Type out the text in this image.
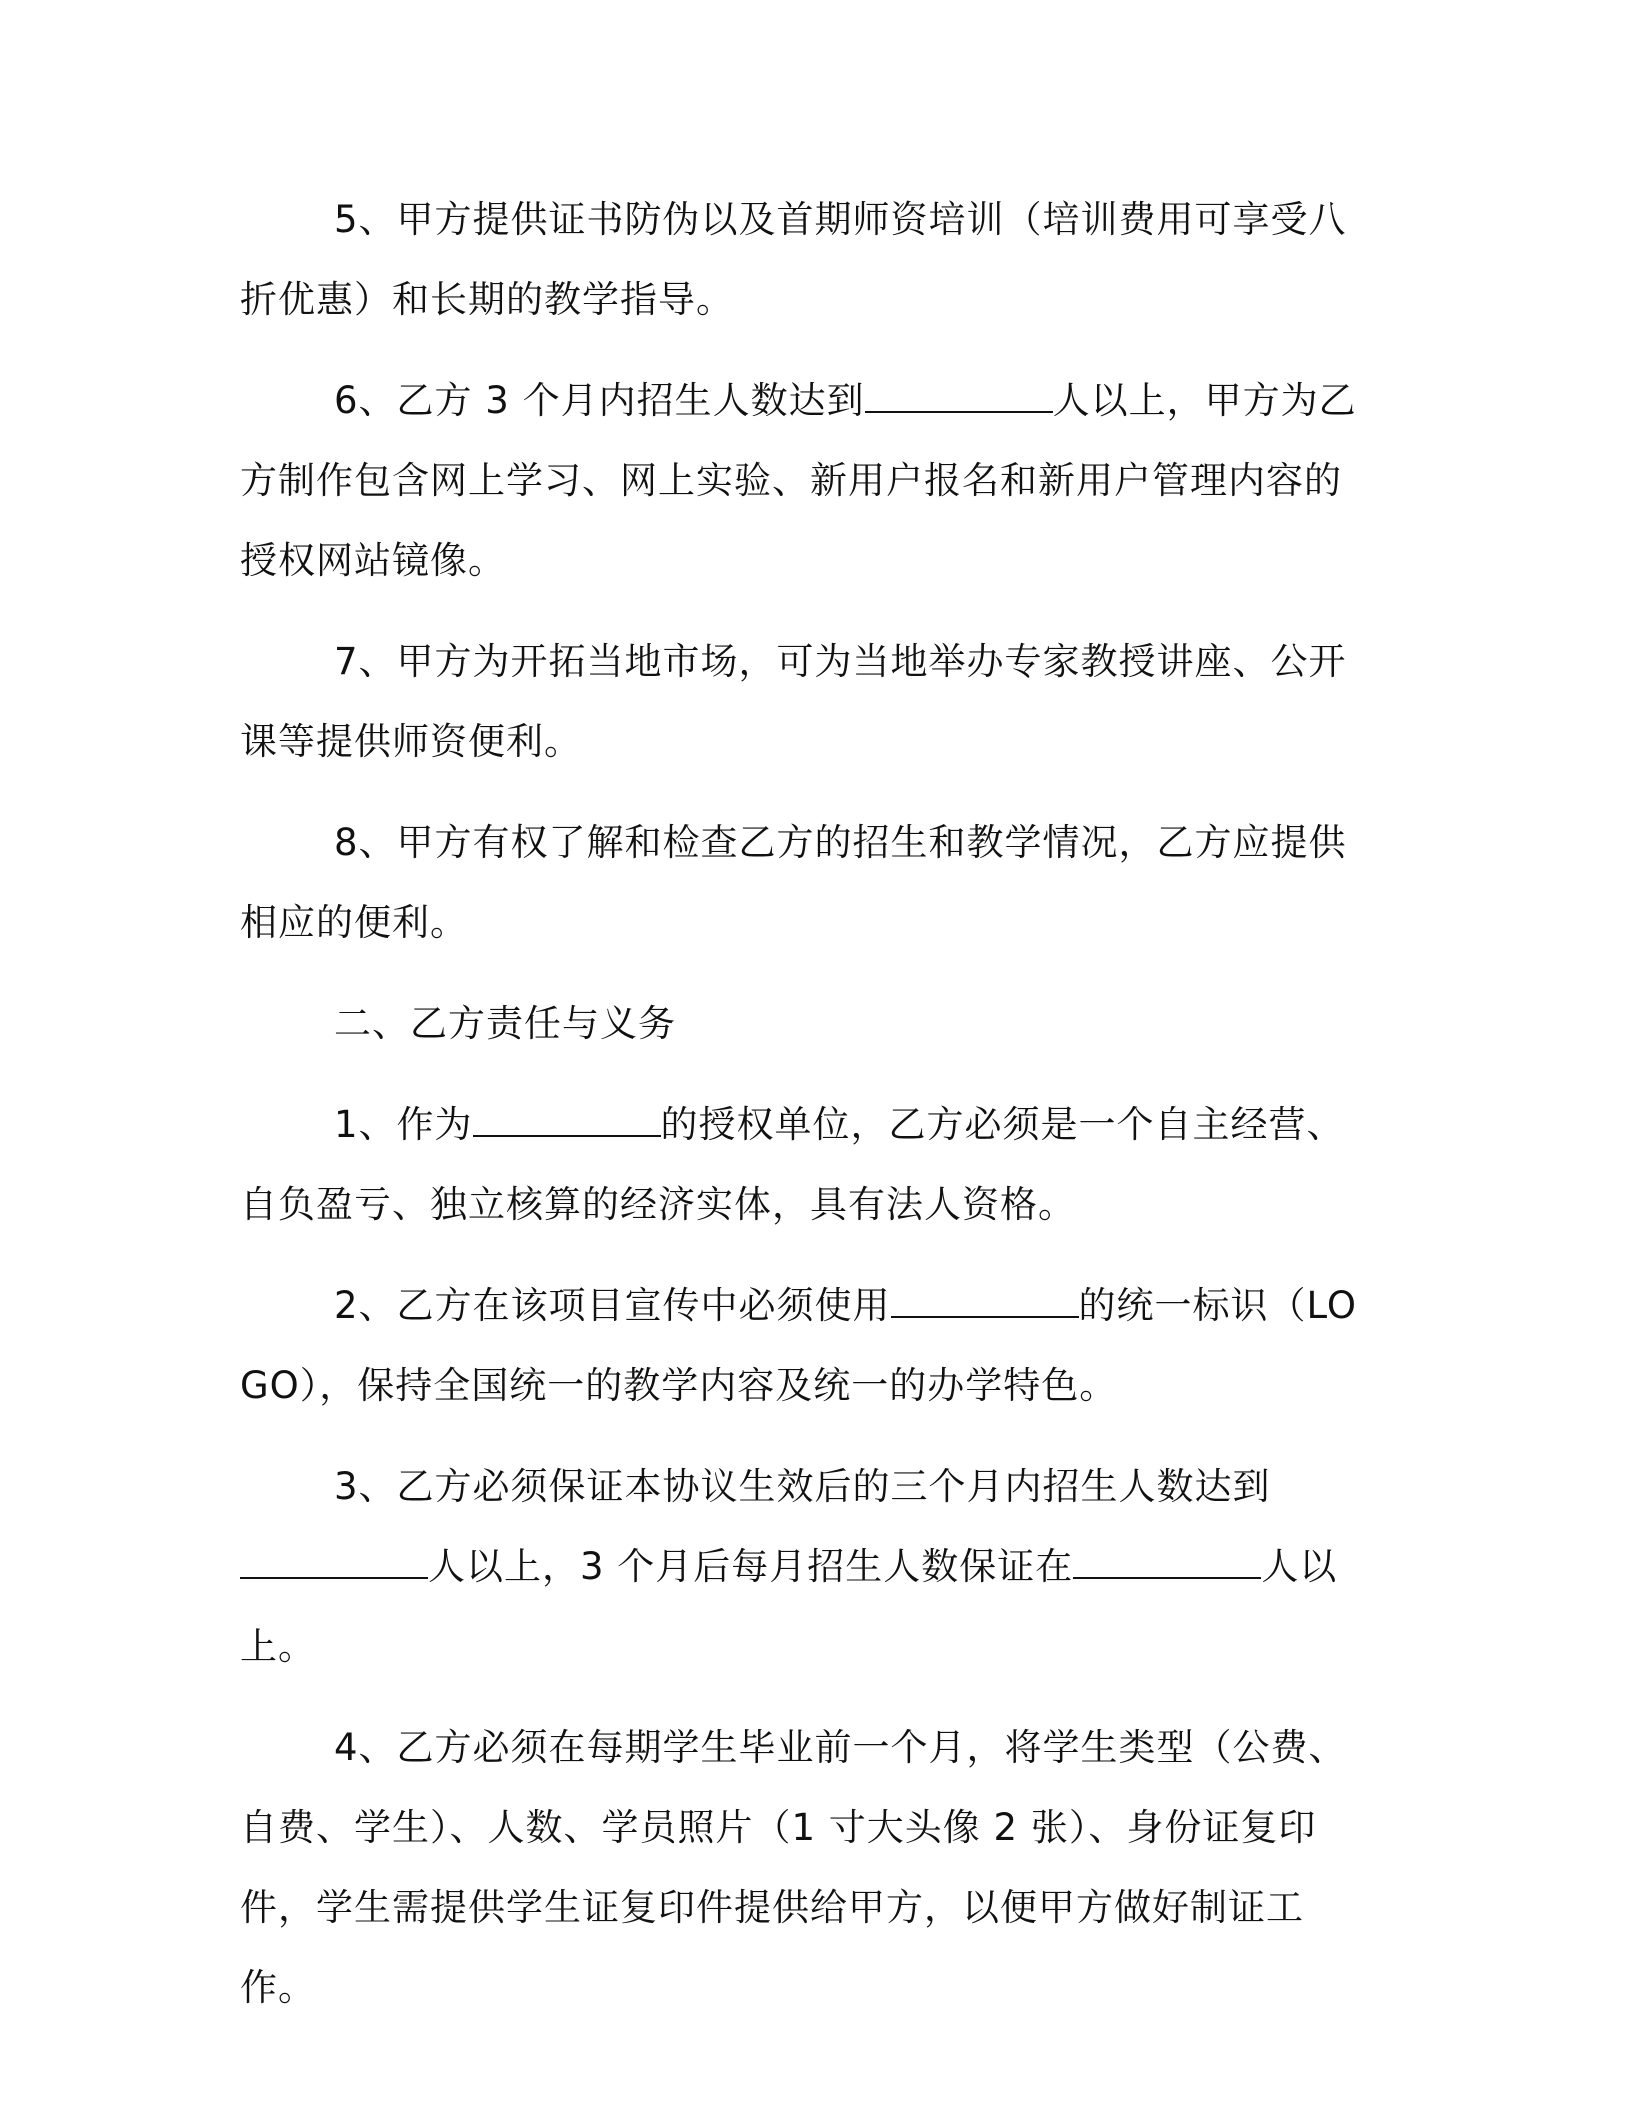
5、甲方提供证书防伪以及首期师资培训（培训费用可享受八折优惠）和长期的教学指导。

6、乙方 3 个月内招生人数达到	人以上，甲方为乙方制作包含网上学习、网上实验、新用户报名和新用户管理内容的授权网站镜像。

7、甲方为开拓当地市场，可为当地举办专家教授讲座、公开课等提供师资便利。

8、甲方有权了解和检查乙方的招生和教学情况，乙方应提供相应的便利。

二、乙方责任与义务

1、作为	的授权单位，乙方必须是一个自主经营、自负盈亏、独立核算的经济实体，具有法人资格。

2、乙方在该项目宣传中必须使用	的统一标识（LOGO），保持全国统一的教学内容及统一的办学特色。

3、乙方必须保证本协议生效后的三个月内招生人数达到人以上，3 个月后每月招生人数保证在	人以上。

4、乙方必须在每期学生毕业前一个月，将学生类型（公费、自费、学生）、人数、学员照片（1 寸大头像 2 张）、身份证复印件，学生需提供学生证复印件提供给甲方，以便甲方做好制证工作。
